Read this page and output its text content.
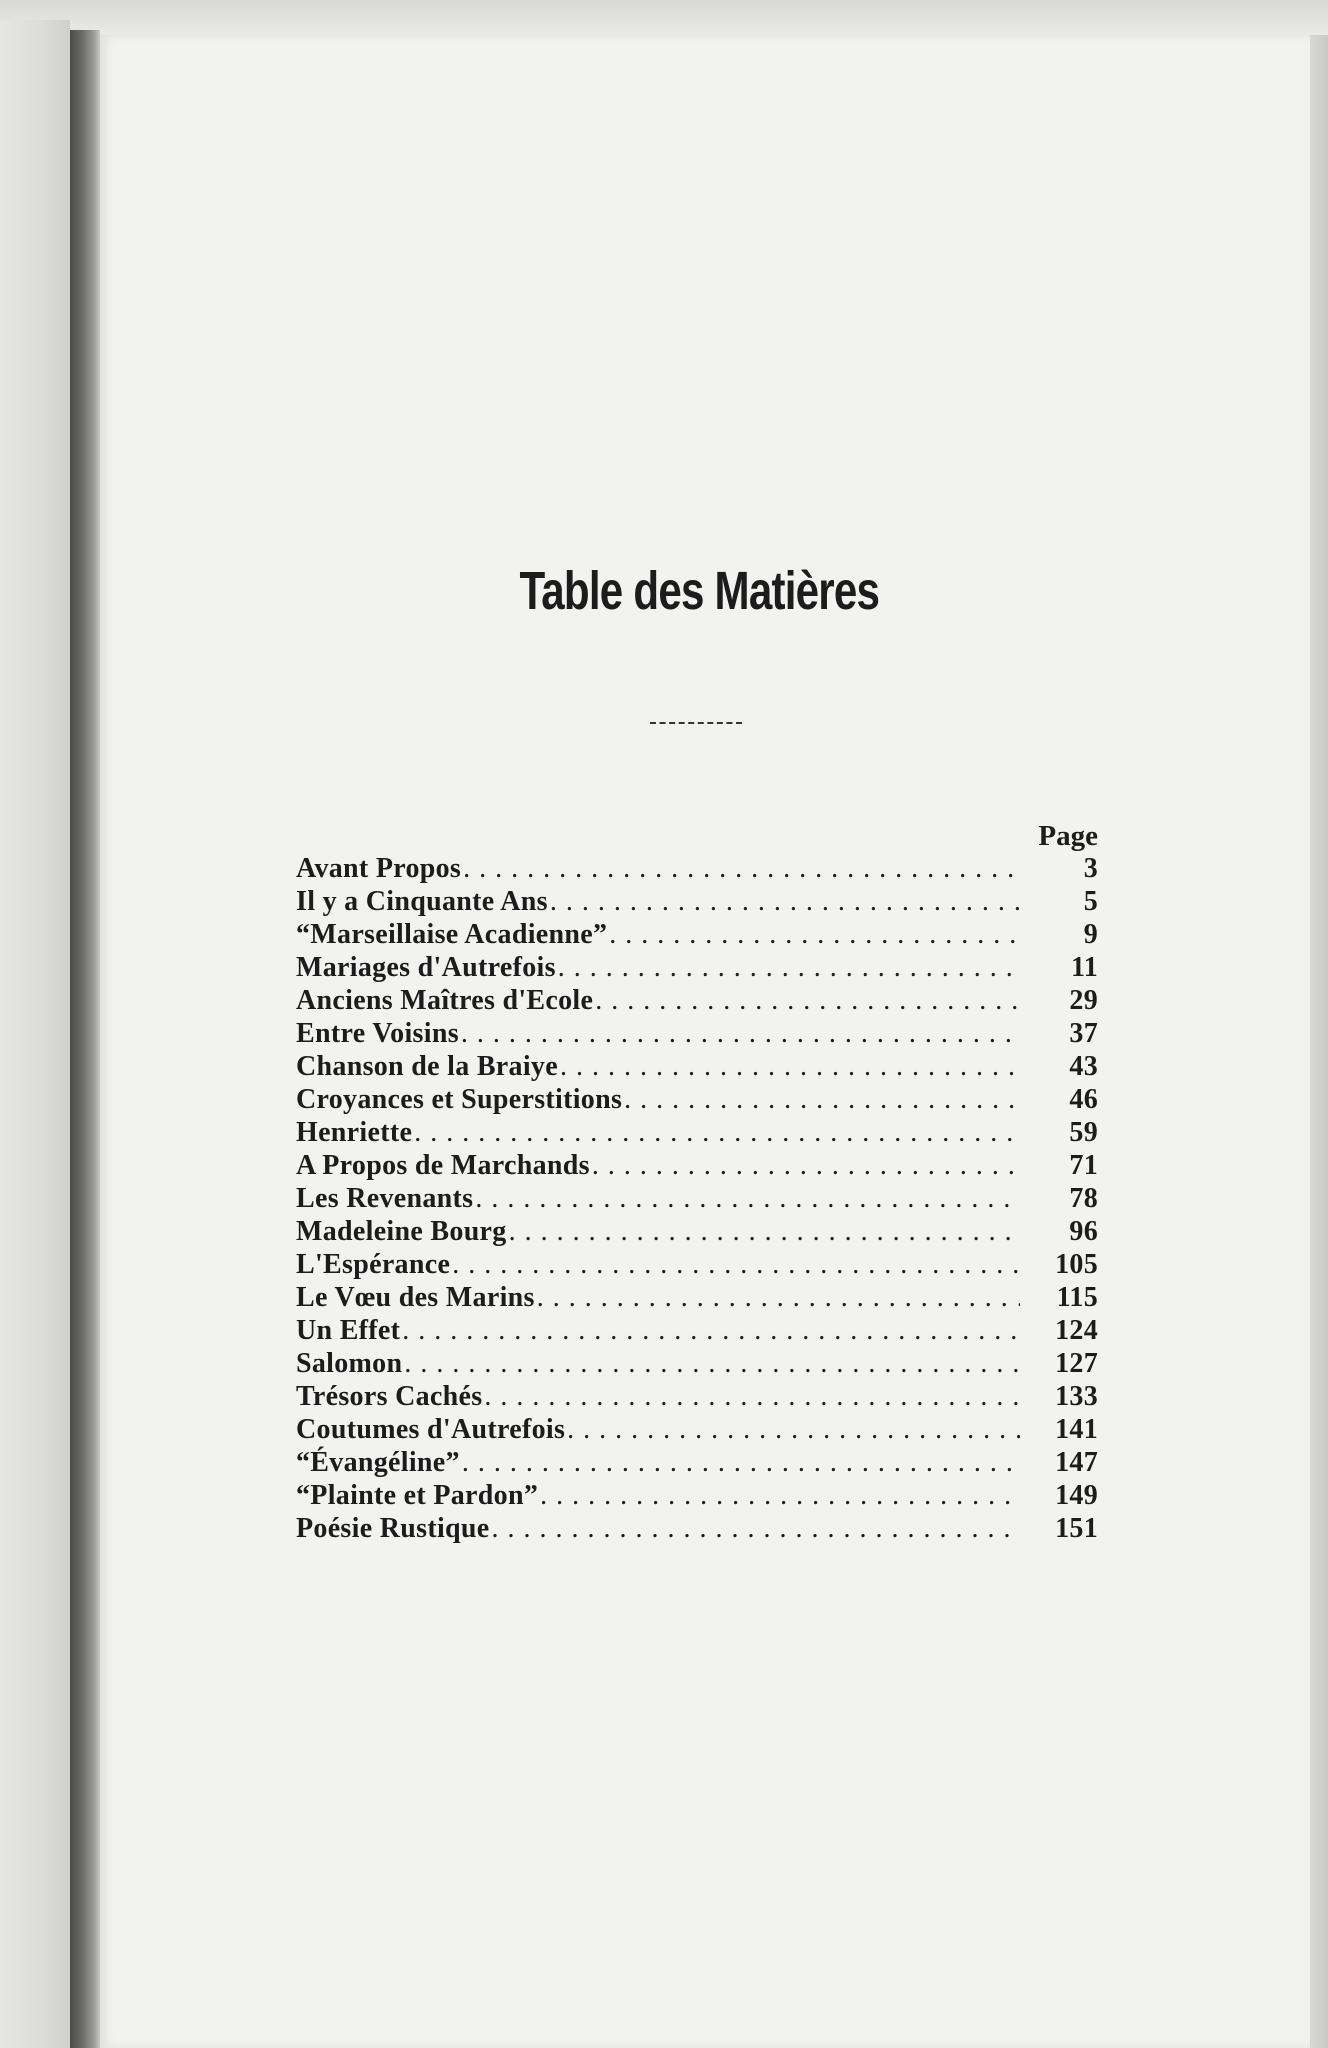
Table des Matières
Page
Avant Propos . . .	3
Il y a Cinquante Ans . . .	5
“Marseillaise Acadienne” . . .	9
Mariages d'Autrefois . . .	11
Anciens Maîtres d'Ecole . . .	29
Entre Voisins . . .	37
Chanson de la Braiye . . .	43
Croyances et Superstitions . . .	46
Henriette . . .	59
A Propos de Marchands . . .	71
Les Revenants . . .	78
Madeleine Bourg . . .	96
L'Espérance . . .	105
Le Vœu des Marins . . .	115
Un Effet . . .	124
Salomon . . .	127
Trésors Cachés . . .	133
Coutumes d'Autrefois . . .	141
“Évangéline” . . .	147
“Plainte et Pardon” . . .	149
Poésie Rustique . . .	151
